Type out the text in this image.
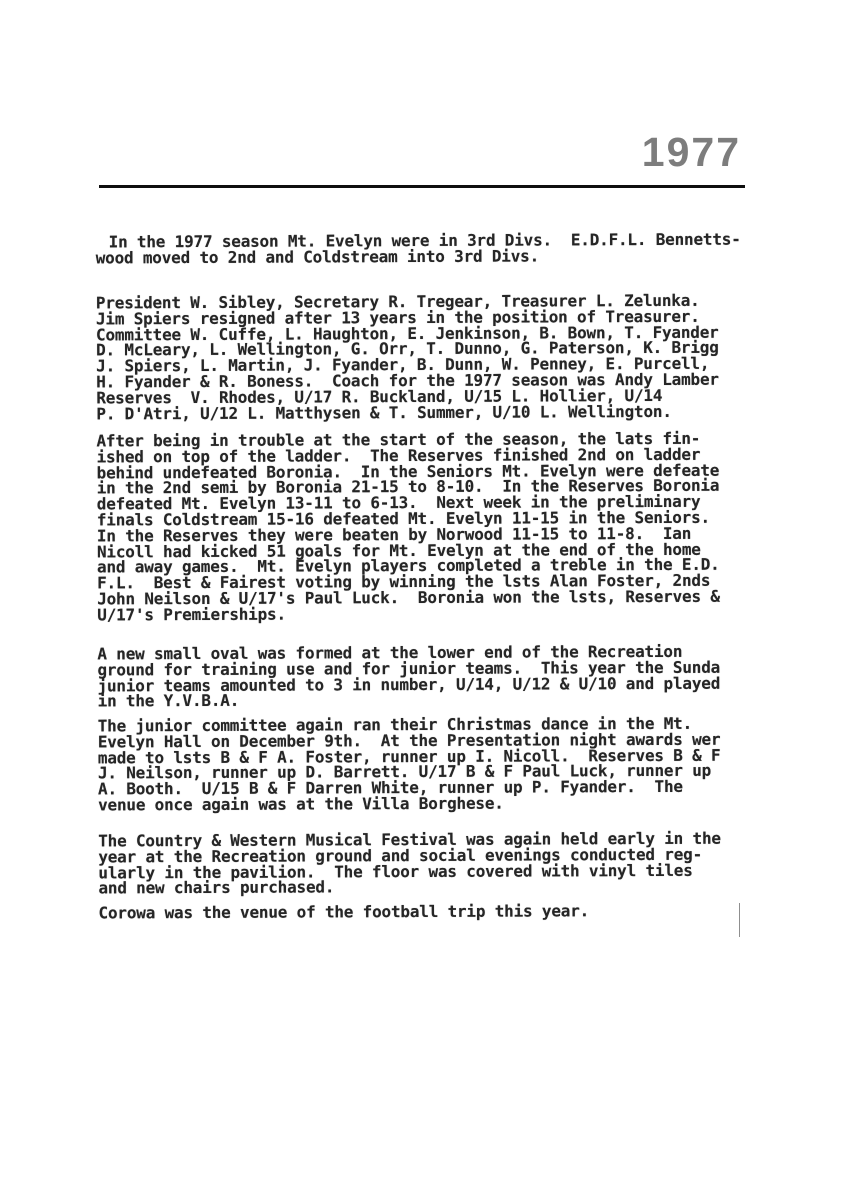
1977

In the 1977 season Mt. Evelyn were in 3rd Divs.  E.D.F.L. Bennetts-
wood moved to 2nd and Coldstream into 3rd Divs.

President W. Sibley, Secretary R. Tregear, Treasurer L. Zelunka.
Jim Spiers resigned after 13 years in the position of Treasurer.
Committee W. Cuffe, L. Haughton, E. Jenkinson, B. Bown, T. Fyander
D. McLeary, L. Wellington, G. Orr, T. Dunno, G. Paterson, K. Brigg
J. Spiers, L. Martin, J. Fyander, B. Dunn, W. Penney, E. Purcell,
H. Fyander & R. Boness.  Coach for the 1977 season was Andy Lamber
Reserves  V. Rhodes, U/17 R. Buckland, U/15 L. Hollier, U/14
P. D'Atri, U/12 L. Matthysen & T. Summer, U/10 L. Wellington.

After being in trouble at the start of the season, the lats fin-
ished on top of the ladder.  The Reserves finished 2nd on ladder
behind undefeated Boronia.  In the Seniors Mt. Evelyn were defeate
in the 2nd semi by Boronia 21-15 to 8-10.  In the Reserves Boronia
defeated Mt. Evelyn 13-11 to 6-13.  Next week in the preliminary
finals Coldstream 15-16 defeated Mt. Evelyn 11-15 in the Seniors.
In the Reserves they were beaten by Norwood 11-15 to 11-8.  Ian
Nicoll had kicked 51 goals for Mt. Evelyn at the end of the home
and away games.  Mt. Evelyn players completed a treble in the E.D.
F.L.  Best & Fairest voting by winning the lsts Alan Foster, 2nds
John Neilson & U/17's Paul Luck.  Boronia won the lsts, Reserves &
U/17's Premierships.

A new small oval was formed at the lower end of the Recreation
ground for training use and for junior teams.  This year the Sunda
junior teams amounted to 3 in number, U/14, U/12 & U/10 and played
in the Y.V.B.A.

The junior committee again ran their Christmas dance in the Mt.
Evelyn Hall on December 9th.  At the Presentation night awards wer
made to lsts B & F A. Foster, runner up I. Nicoll.  Reserves B & F
J. Neilson, runner up D. Barrett. U/17 B & F Paul Luck, runner up
A. Booth.  U/15 B & F Darren White, runner up P. Fyander.  The
venue once again was at the Villa Borghese.

The Country & Western Musical Festival was again held early in the
year at the Recreation ground and social evenings conducted reg-
ularly in the pavilion.  The floor was covered with vinyl tiles
and new chairs purchased.

Corowa was the venue of the football trip this year.
